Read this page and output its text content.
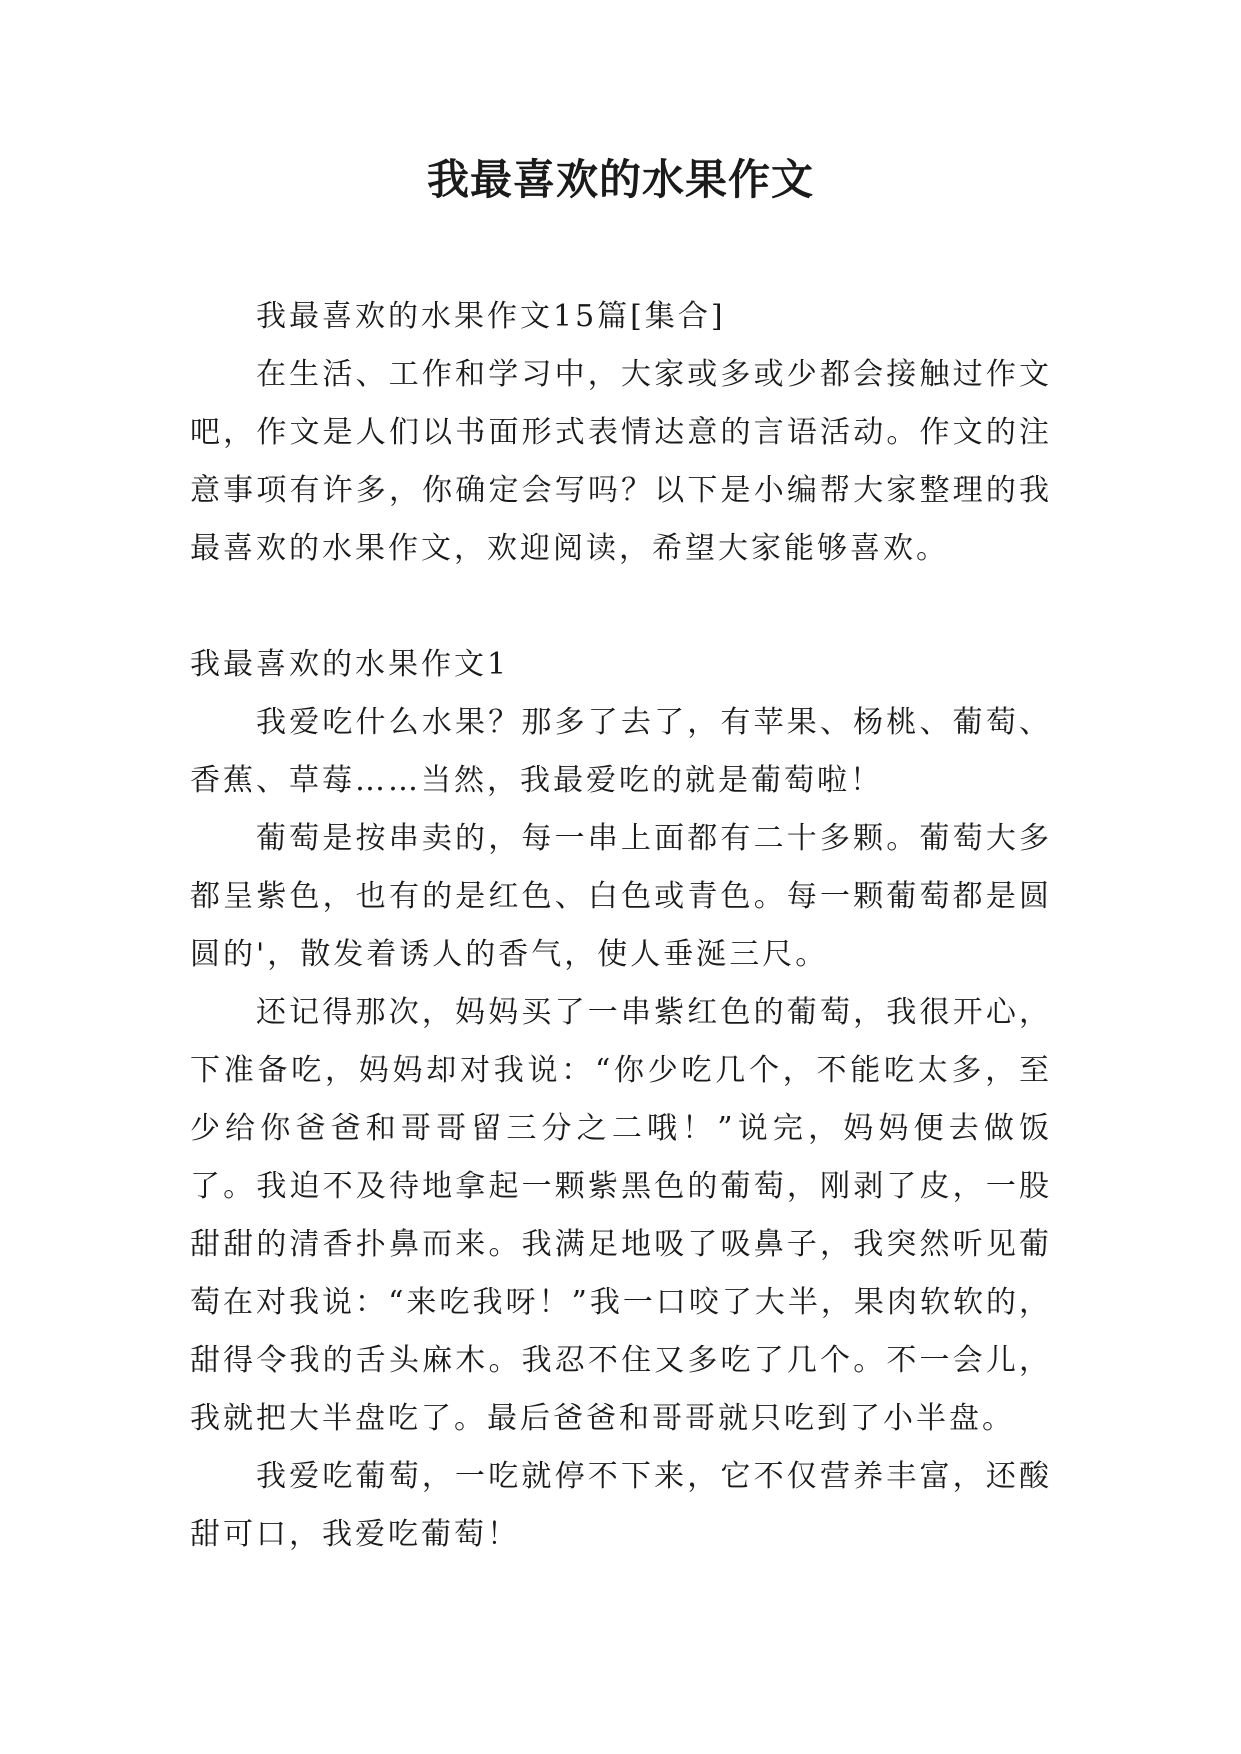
我最喜欢的水果作文

我最喜欢的水果作文15篇[集合]

在生活、工作和学习中，大家或多或少都会接触过作文吧，作文是人们以书面形式表情达意的言语活动。作文的注意事项有许多，你确定会写吗？以下是小编帮大家整理的我最喜欢的水果作文，欢迎阅读，希望大家能够喜欢。

我最喜欢的水果作文1

我爱吃什么水果？那多了去了，有苹果、杨桃、葡萄、香蕉、草莓……当然，我最爱吃的就是葡萄啦！

葡萄是按串卖的，每一串上面都有二十多颗。葡萄大多都呈紫色，也有的是红色、白色或青色。每一颗葡萄都是圆圆的'，散发着诱人的香气，使人垂涎三尺。

还记得那次，妈妈买了一串紫红色的葡萄，我很开心，下准备吃，妈妈却对我说：“你少吃几个，不能吃太多，至少给你爸爸和哥哥留三分之二哦！”说完，妈妈便去做饭了。我迫不及待地拿起一颗紫黑色的葡萄，刚剥了皮，一股甜甜的清香扑鼻而来。我满足地吸了吸鼻子，我突然听见葡萄在对我说：“来吃我呀！”我一口咬了大半，果肉软软的，甜得令我的舌头麻木。我忍不住又多吃了几个。不一会儿，我就把大半盘吃了。最后爸爸和哥哥就只吃到了小半盘。

我爱吃葡萄，一吃就停不下来，它不仅营养丰富，还酸甜可口，我爱吃葡萄！
